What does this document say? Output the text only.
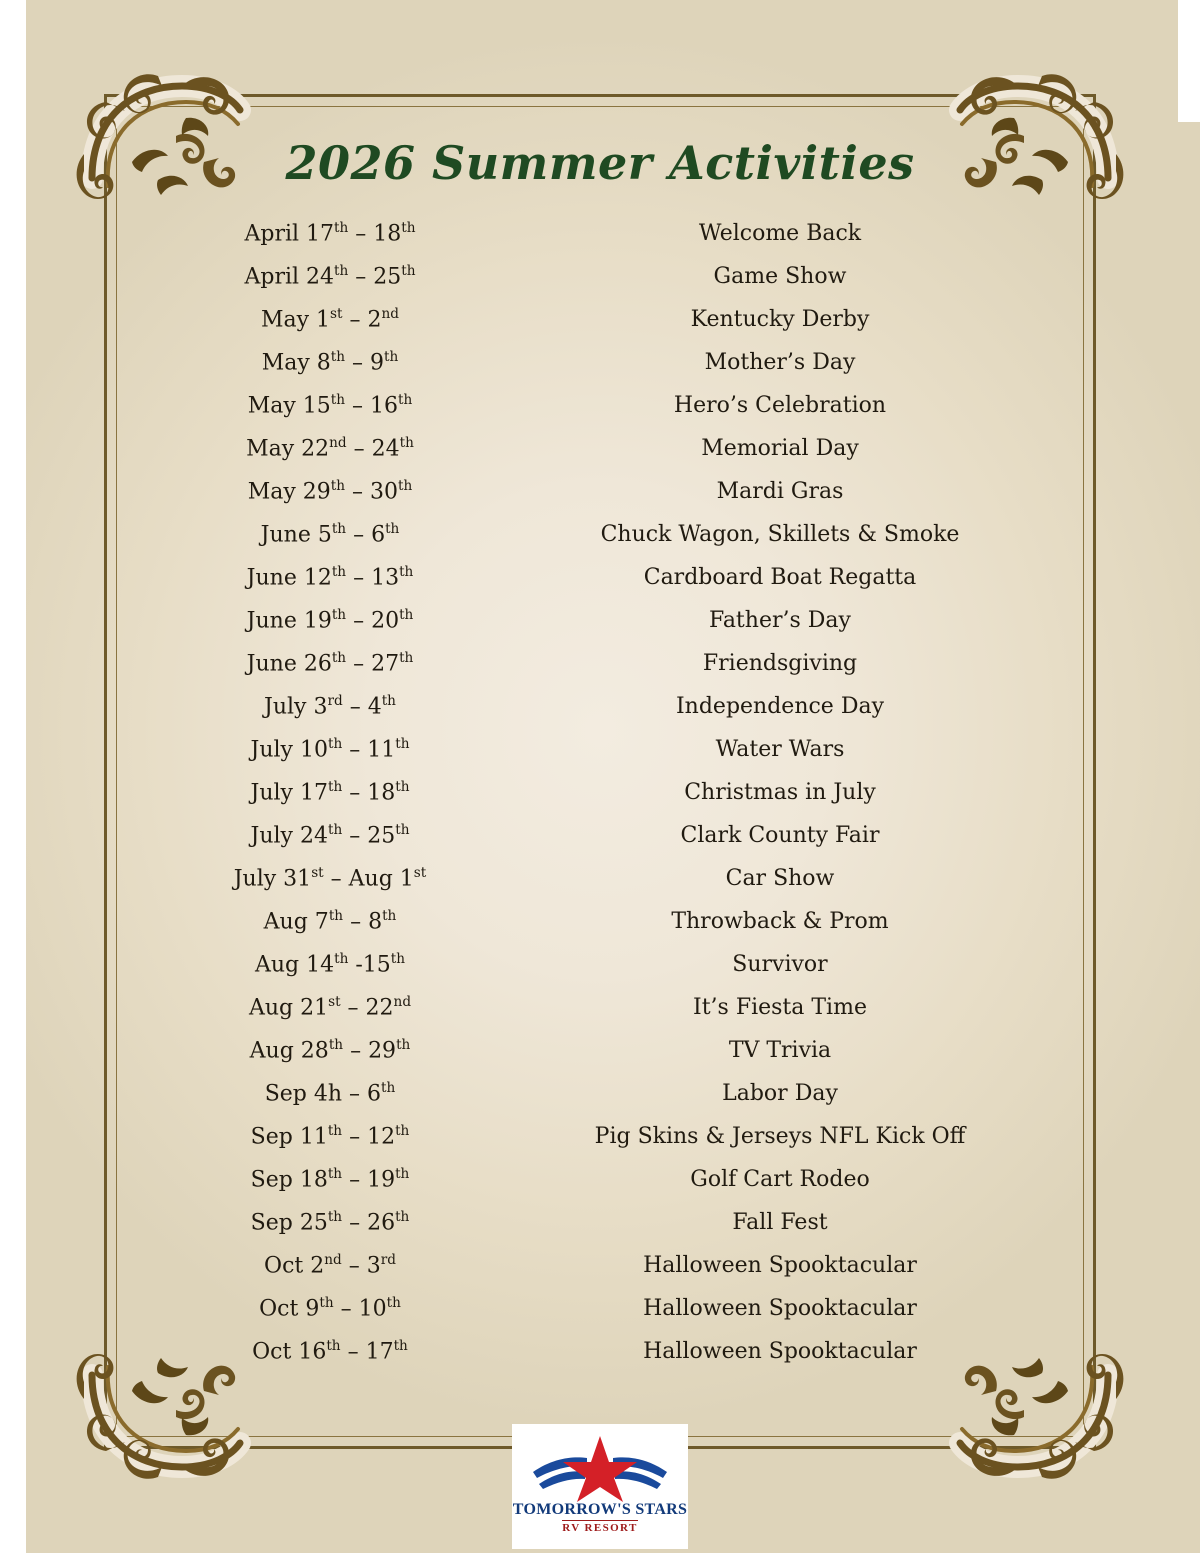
2026 Summer Activities
April 17th – 18th	Welcome Back
April 24th – 25th	Game Show
May 1st – 2nd	Kentucky Derby
May 8th – 9th	Mother’s Day
May 15th – 16th	Hero’s Celebration
May 22nd – 24th	Memorial Day
May 29th – 30th	Mardi Gras
June 5th – 6th	Chuck Wagon, Skillets & Smoke
June 12th – 13th	Cardboard Boat Regatta
June 19th – 20th	Father’s Day
June 26th – 27th	Friendsgiving
July 3rd – 4th	Independence Day
July 10th – 11th	Water Wars
July 17th – 18th	Christmas in July
July 24th – 25th	Clark County Fair
July 31st – Aug 1st	Car Show
Aug 7th – 8th	Throwback & Prom
Aug 14th -15th	Survivor
Aug 21st – 22nd	It’s Fiesta Time
Aug 28th – 29th	TV Trivia
Sep 4h – 6th	Labor Day
Sep 11th – 12th	Pig Skins & Jerseys NFL Kick Off
Sep 18th – 19th	Golf Cart Rodeo
Sep 25th – 26th	Fall Fest
Oct 2nd – 3rd	Halloween Spooktacular
Oct 9th – 10th	Halloween Spooktacular
Oct 16th – 17th	Halloween Spooktacular
TOMORROW'S STARS
RV RESORT
